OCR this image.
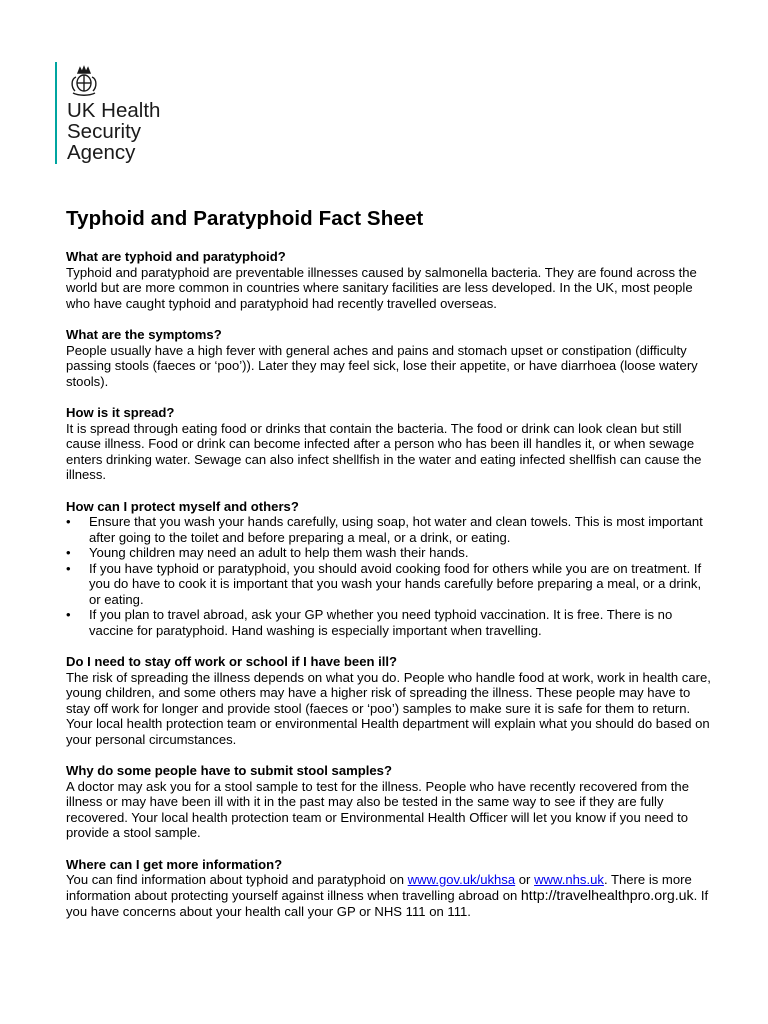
UK Health
Security
Agency
Typhoid and Paratyphoid Fact Sheet
What are typhoid and paratyphoid?
Typhoid and paratyphoid are preventable illnesses caused by salmonella bacteria. They are found across the world but are more common in countries where sanitary facilities are less developed. In the UK, most people who have caught typhoid and paratyphoid had recently travelled overseas.
What are the symptoms?
People usually have a high fever with general aches and pains and stomach upset or constipation (difficulty passing stools (faeces or ‘poo’)). Later they may feel sick, lose their appetite, or have diarrhoea (loose watery stools).
How is it spread?
It is spread through eating food or drinks that contain the bacteria. The food or drink can look clean but still cause illness. Food or drink can become infected after a person who has been ill handles it, or when sewage enters drinking water. Sewage can also infect shellfish in the water and eating infected shellfish can cause the illness.
How can I protect myself and others?
• Ensure that you wash your hands carefully, using soap, hot water and clean towels. This is most important after going to the toilet and before preparing a meal, or a drink, or eating.
• Young children may need an adult to help them wash their hands.
• If you have typhoid or paratyphoid, you should avoid cooking food for others while you are on treatment. If you do have to cook it is important that you wash your hands carefully before preparing a meal, or a drink, or eating.
• If you plan to travel abroad, ask your GP whether you need typhoid vaccination. It is free. There is no vaccine for paratyphoid. Hand washing is especially important when travelling.
Do I need to stay off work or school if I have been ill?
The risk of spreading the illness depends on what you do. People who handle food at work, work in health care, young children, and some others may have a higher risk of spreading the illness. These people may have to stay off work for longer and provide stool (faeces or ‘poo’) samples to make sure it is safe for them to return. Your local health protection team or environmental Health department will explain what you should do based on your personal circumstances.
Why do some people have to submit stool samples?
A doctor may ask you for a stool sample to test for the illness. People who have recently recovered from the illness or may have been ill with it in the past may also be tested in the same way to see if they are fully recovered. Your local health protection team or Environmental Health Officer will let you know if you need to provide a stool sample.
Where can I get more information?
You can find information about typhoid and paratyphoid on www.gov.uk/ukhsa or www.nhs.uk. There is more information about protecting yourself against illness when travelling abroad on http://travelhealthpro.org.uk. If you have concerns about your health call your GP or NHS 111 on 111.
